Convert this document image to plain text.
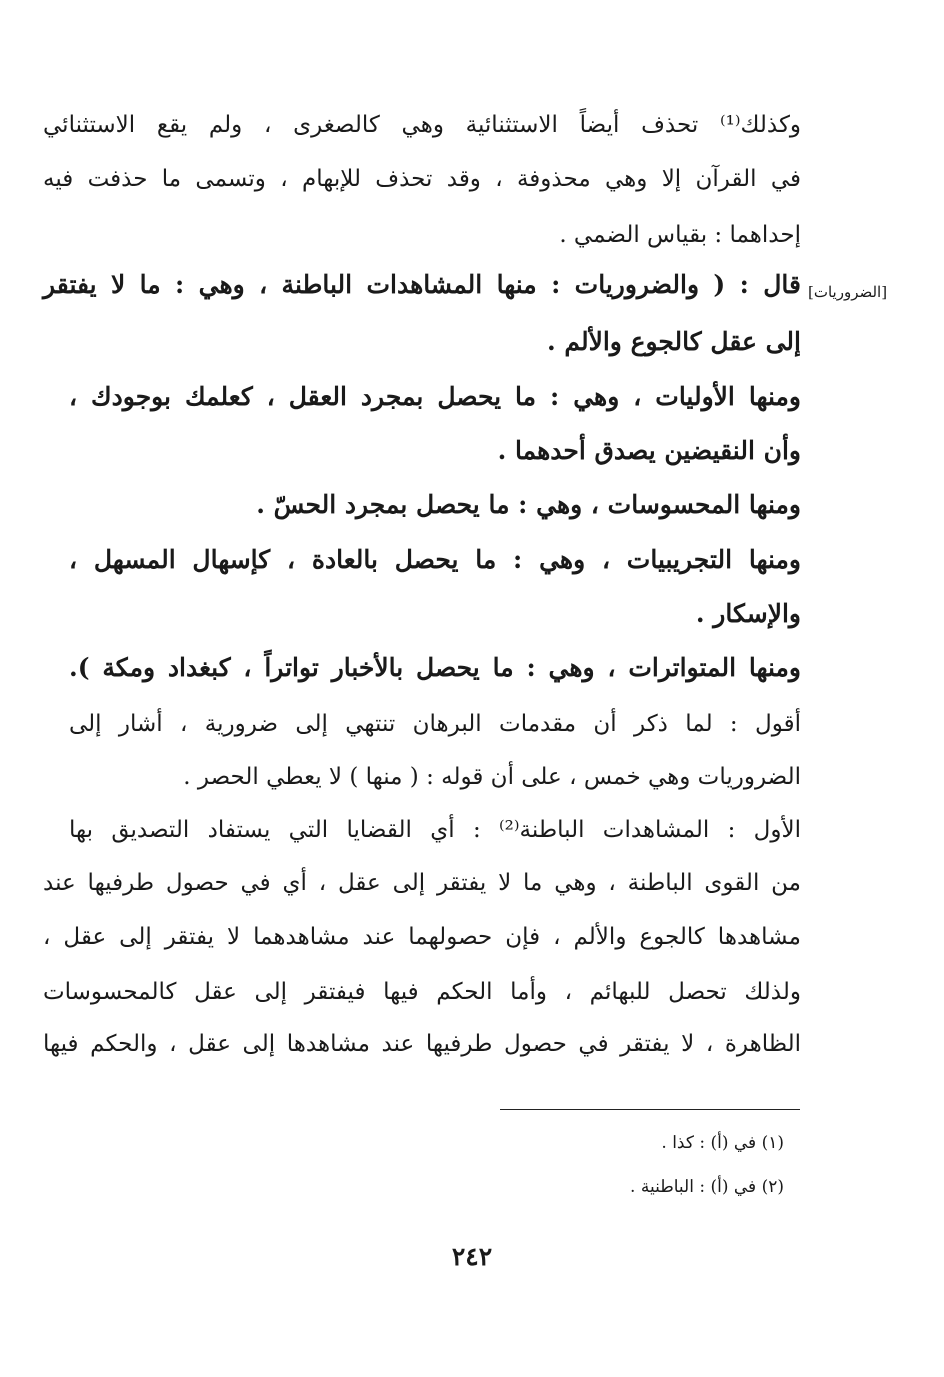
[الضروريات]
وكذلك⁽¹⁾ تحذف أيضاً الاستثنائية وهي كالصغرى ، ولم يقع الاستثنائي
في القرآن إلا وهي محذوفة ، وقد تحذف للإبهام ، وتسمى ما حذفت فيه
إحداهما : بقياس الضمي .
قال : ( والضروريات : منها المشاهدات الباطنة ، وهي : ما لا يفتقر
إلى عقل كالجوع والألم .
ومنها الأوليات ، وهي : ما يحصل بمجرد العقل ، كعلمك بوجودك ،
وأن النقيضين يصدق أحدهما .
ومنها المحسوسات ، وهي : ما يحصل بمجرد الحسّ .
ومنها التجريبيات ، وهي : ما يحصل بالعادة ، كإسهال المسهل ،
والإسكار .
ومنها المتواترات ، وهي : ما يحصل بالأخبار تواتراً ، كبغداد ومكة ).
أقول : لما ذكر أن مقدمات البرهان تنتهي إلى ضرورية ، أشار إلى
الضروريات وهي خمس ، على أن قوله : ( منها ) لا يعطي الحصر .
الأول : المشاهدات الباطنة⁽²⁾ : أي القضايا التي يستفاد التصديق بها
من القوى الباطنة ، وهي ما لا يفتقر إلى عقل ، أي في حصول طرفيها عند
مشاهدها كالجوع والألم ، فإن حصولهما عند مشاهدهما لا يفتقر إلى عقل ،
ولذلك تحصل للبهائم ، وأما الحكم فيها فيفتقر إلى عقل كالمحسوسات
الظاهرة ، لا يفتقر في حصول طرفيها عند مشاهدها إلى عقل ، والحكم فيها
(١) في (أ) : كذا .
(٢) في (أ) : الباطنية .
٢٤٢
